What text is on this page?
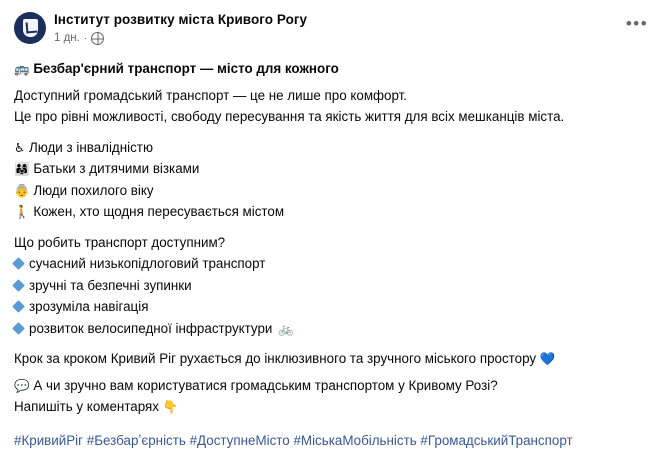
Інститут розвитку міста Кривого Рогу
1 дн. ·
•••
🚌 Безбар'єрний транспорт — місто для кожного
Доступний громадський транспорт — це не лише про комфорт.
Це про рівні можливості, свободу пересування та якість життя для всіх мешканців міста.
♿ Люди з інвалідністю
👨‍👩‍👧 Батьки з дитячими візками
👵 Люди похилого віку
🚶 Кожен, хто щодня пересувається містом
Що робить транспорт доступним?
сучасний низькопідлоговий транспорт
зручні та безпечні зупинки
зрозуміла навігація
розвиток велосипедної інфраструктури 🚲
Крок за кроком Кривий Ріг рухається до інклюзивного та зручного міського простору 💙
💬 А чи зручно вам користуватися громадським транспортом у Кривому Розі?
Напишіть у коментарях 👇
#КривийРіг #Безбарʼєрність #ДоступнеМісто #МіськаМобільність #ГромадськийТранспорт
